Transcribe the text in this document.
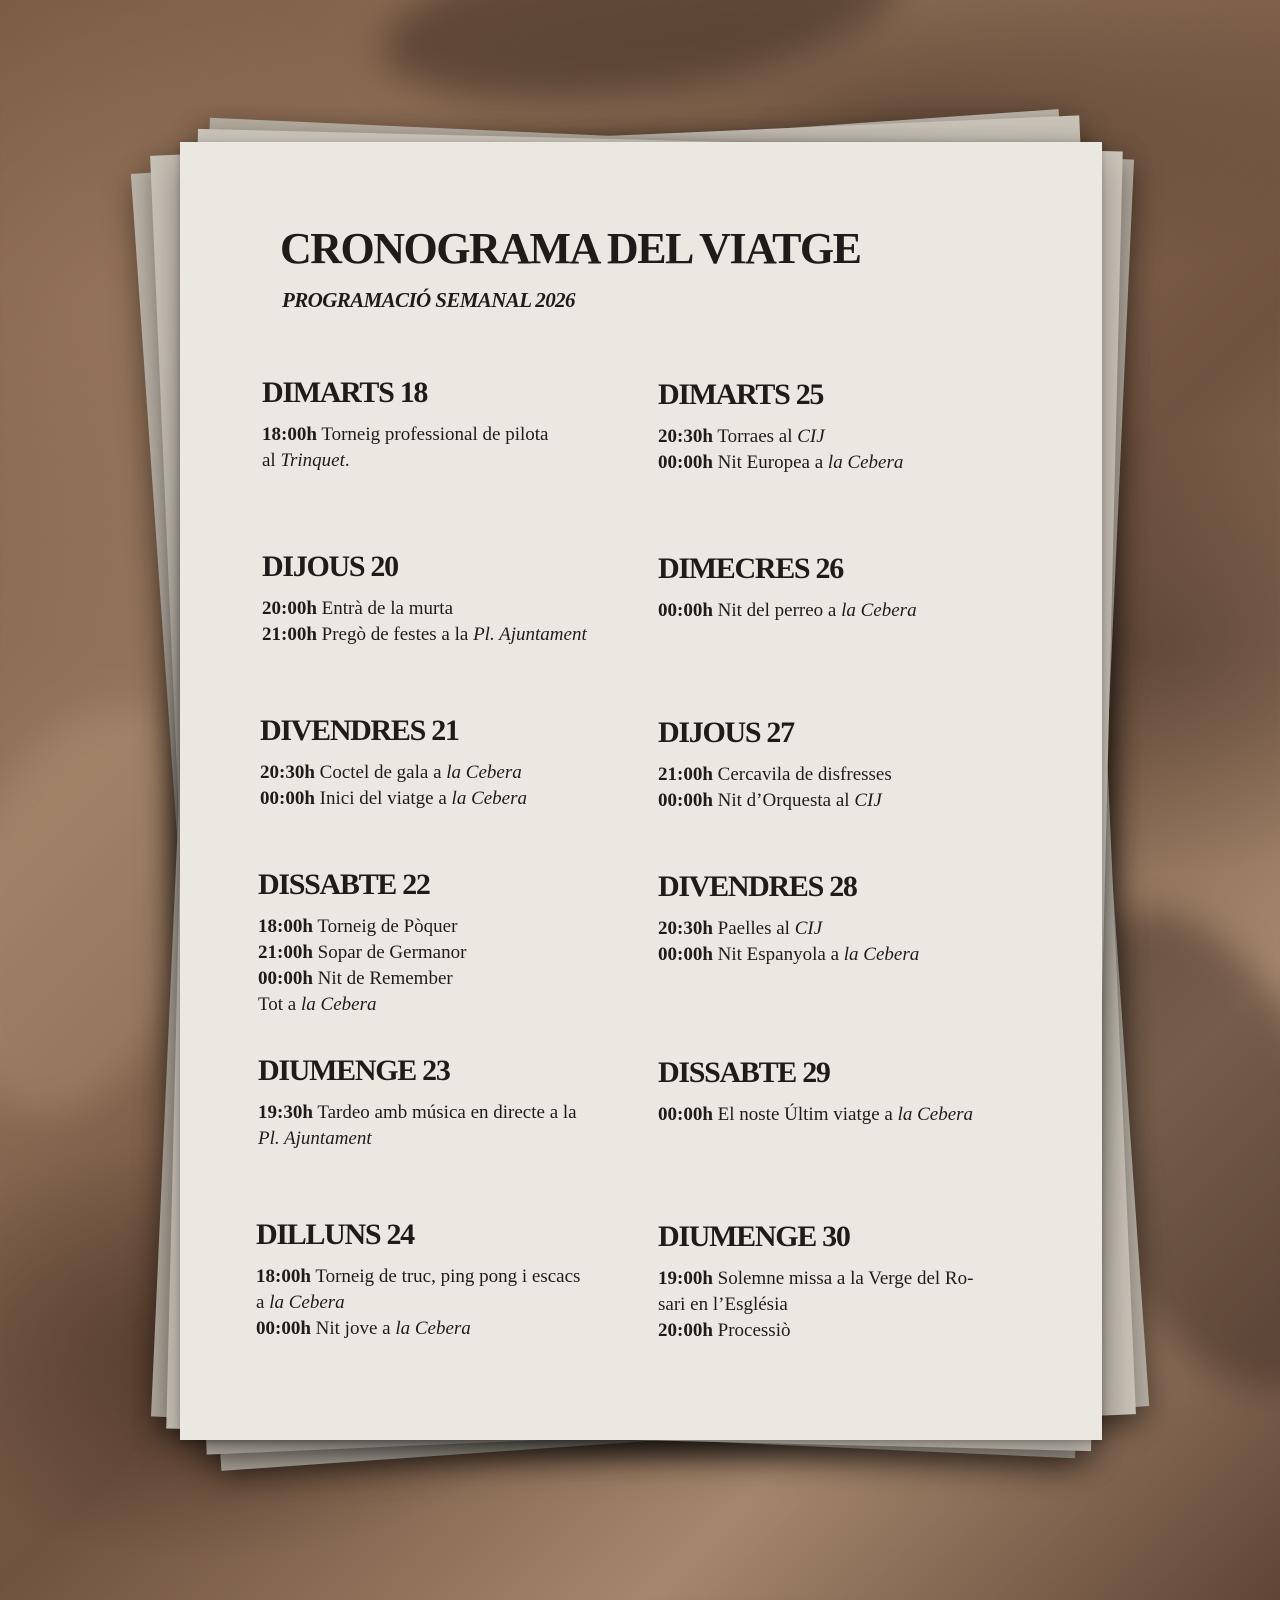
CRONOGRAMA DEL VIATGE

PROGRAMACIÓ SEMANAL 2026

DIMARTS 18
18:00h Torneig professional de pilota
al Trinquet.
DIJOUS 20
20:00h Entrà de la murta
21:00h Pregò de festes a la Pl. Ajuntament
DIVENDRES 21
20:30h Coctel de gala a la Cebera
00:00h Inici del viatge a la Cebera
DISSABTE 22
18:00h Torneig de Pòquer
21:00h Sopar de Germanor
00:00h Nit de Remember
Tot a la Cebera
DIUMENGE 23
19:30h Tardeo amb música en directe a la
Pl. Ajuntament
DILLUNS 24
18:00h Torneig de truc, ping pong i escacs
a la Cebera
00:00h Nit jove a la Cebera
DIMARTS 25
20:30h Torraes al CIJ
00:00h Nit Europea a la Cebera
DIMECRES 26
00:00h Nit del perreo a la Cebera
DIJOUS 27
21:00h Cercavila de disfresses
00:00h Nit d’Orquesta al CIJ
DIVENDRES 28
20:30h Paelles al CIJ
00:00h Nit Espanyola a la Cebera
DISSABTE 29
00:00h El noste Últim viatge a la Cebera
DIUMENGE 30
19:00h Solemne missa a la Verge del Ro-
sari en l’Església
20:00h Processiò
